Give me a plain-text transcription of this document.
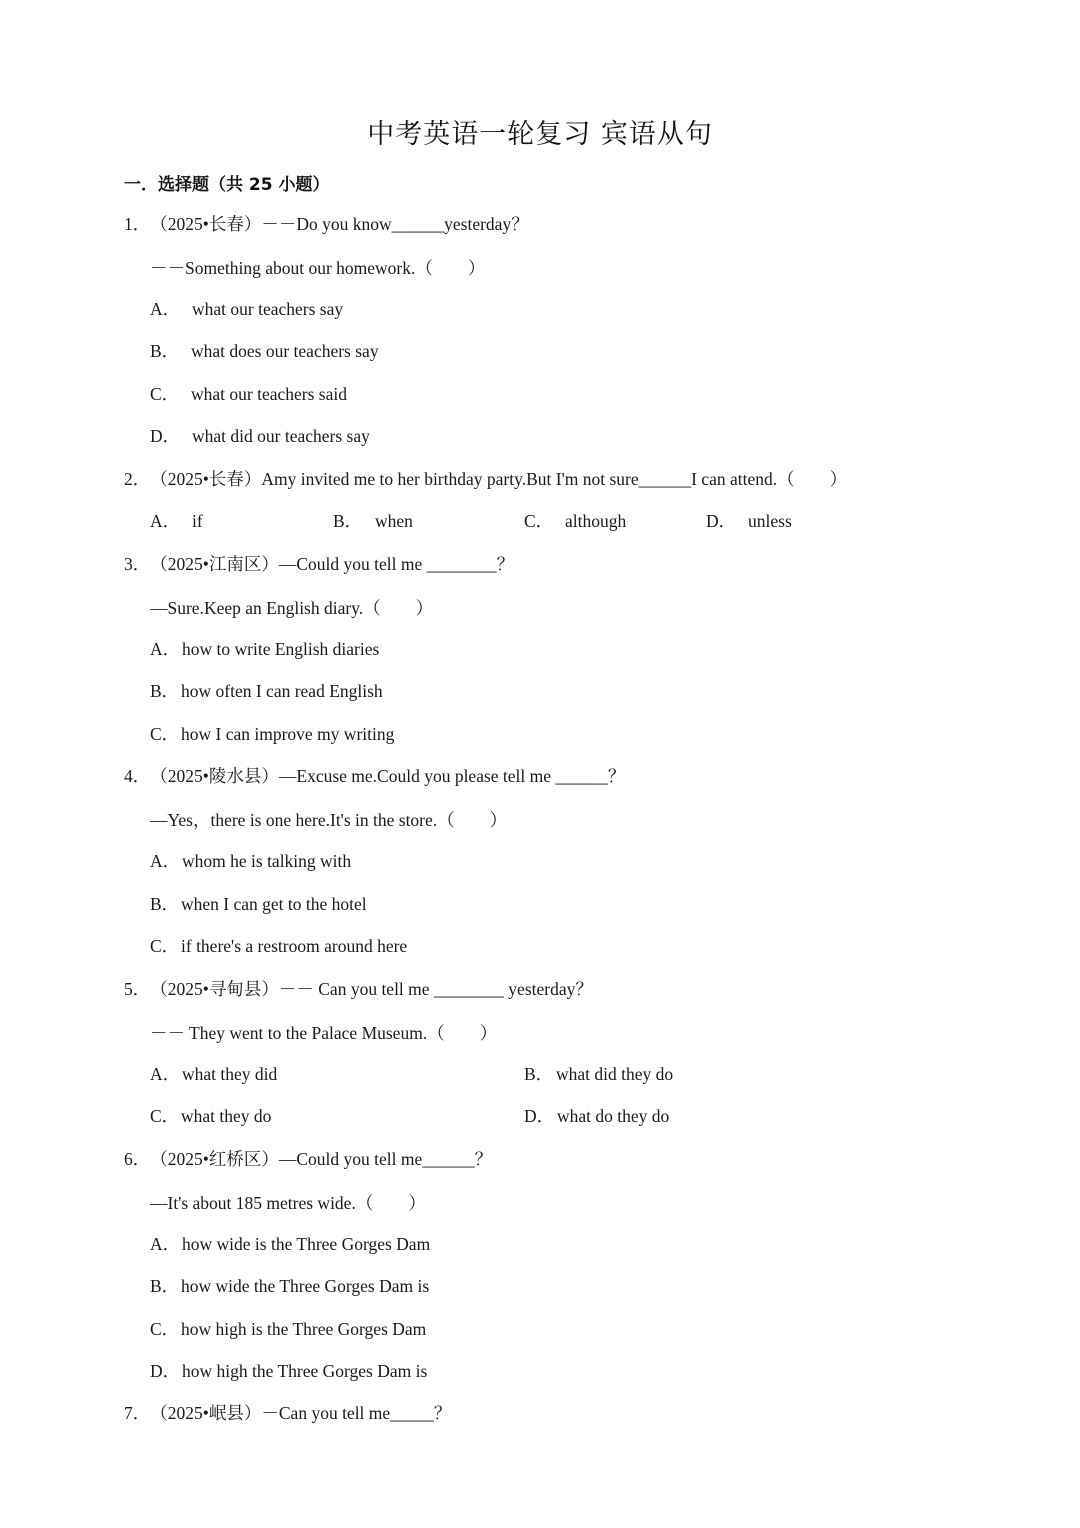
中考英语一轮复习 宾语从句
一．选择题（共 25 小题）
1．（2025•长春）－－Do you know______yesterday？
－－Something about our homework.（　　）
A． what our teachers say
B． what does our teachers say
C． what our teachers said
D． what did our teachers say
2．（2025•长春）Amy invited me to her birthday party.But I'm not sure______I can attend.（　　）
A． if	B． when	C． although	D． unless
3．（2025•江南区）—Could you tell me ________？
—Sure.Keep an English diary.（　　）
A． how to write English diaries
B． how often I can read English
C． how I can improve my writing
4．（2025•陵水县）—Excuse me.Could you please tell me ______？
—Yes，there is one here.It's in the store.（　　）
A． whom he is talking with
B． when I can get to the hotel
C． if there's a restroom around here
5．（2025•寻甸县）－－ Can you tell me ________ yesterday？
－－ They went to the Palace Museum.（　　）
A． what they did	B． what did they do
C． what they do	D． what do they do
6．（2025•红桥区）—Could you tell me______？
—It's about 185 metres wide.（　　）
A． how wide is the Three Gorges Dam
B． how wide the Three Gorges Dam is
C． how high is the Three Gorges Dam
D． how high the Three Gorges Dam is
7．（2025•岷县）－Can you tell me_____？
